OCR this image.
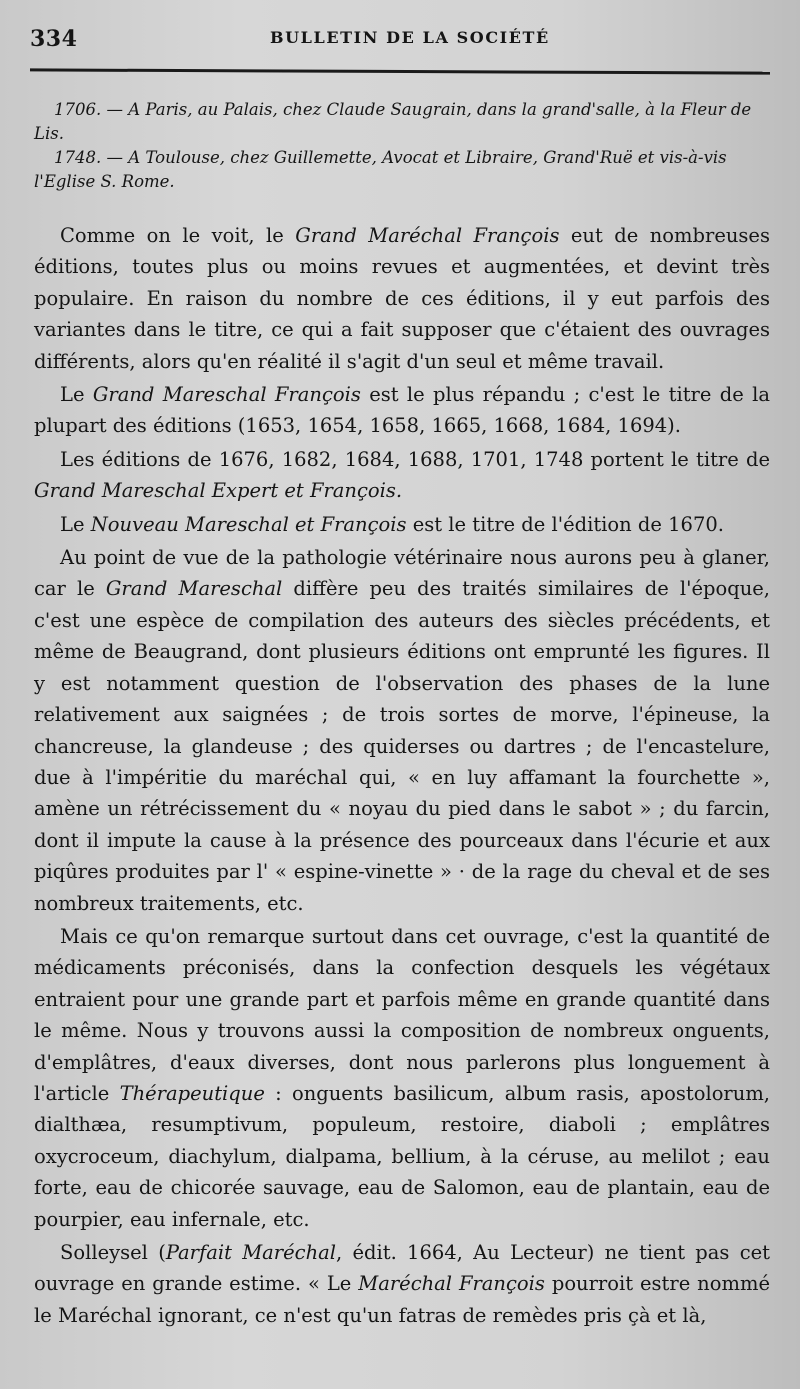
334	BULLETIN DE LA SOCIÉTÉ

1706. — A Paris, au Palais, chez Claude Saugrain, dans la grand'salle, à la Fleur de Lis.

1748. — A Toulouse, chez Guillemette, Avocat et Libraire, Grand'Ruë et vis-à-vis l'Eglise S. Rome.

Comme on le voit, le Grand Maréchal François eut de nombreuses éditions, toutes plus ou moins revues et augmentées, et devint très populaire. En raison du nombre de ces éditions, il y eut parfois des variantes dans le titre, ce qui a fait supposer que c'étaient des ouvrages différents, alors qu'en réalité il s'agit d'un seul et même travail.

Le Grand Mareschal François est le plus répandu ; c'est le titre de la plupart des éditions (1653, 1654, 1658, 1665, 1668, 1684, 1694).

Les éditions de 1676, 1682, 1684, 1688, 1701, 1748 portent le titre de Grand Mareschal Expert et François.

Le Nouveau Mareschal et François est le titre de l'édition de 1670.

Au point de vue de la pathologie vétérinaire nous aurons peu à glaner, car le Grand Mareschal diffère peu des traités similaires de l'époque, c'est une espèce de compilation des auteurs des siècles précédents, et même de Beaugrand, dont plusieurs éditions ont emprunté les figures. Il y est notamment question de l'observation des phases de la lune relativement aux saignées ; de trois sortes de morve, l'épineuse, la chancreuse, la glandeuse ; des quiderses ou dartres ; de l'encastelure, due à l'impéritie du maréchal qui, « en luy affamant la fourchette », amène un rétrécissement du « noyau du pied dans le sabot » ; du farcin, dont il impute la cause à la présence des pourceaux dans l'écurie et aux piqûres produites par l' « espine-vinette » · de la rage du cheval et de ses nombreux traitements, etc.

Mais ce qu'on remarque surtout dans cet ouvrage, c'est la quantité de médicaments préconisés, dans la confection desquels les végétaux entraient pour une grande part et parfois même en grande quantité dans le même. Nous y trouvons aussi la composition de nombreux onguents, d'emplâtres, d'eaux diverses, dont nous parlerons plus longuement à l'article Thérapeutique : onguents basilicum, album rasis, apostolorum, dialthæa, resumptivum, populeum, restoire, diaboli ; emplâtres oxycroceum, diachylum, dialpama, bellium, à la céruse, au melilot ; eau forte, eau de chicorée sauvage, eau de Salomon, eau de plantain, eau de pourpier, eau infernale, etc.

Solleysel (Parfait Maréchal, édit. 1664, Au Lecteur) ne tient pas cet ouvrage en grande estime. « Le Maréchal François pourroit estre nommé le Maréchal ignorant, ce n'est qu'un fatras de remèdes pris çà et là,
